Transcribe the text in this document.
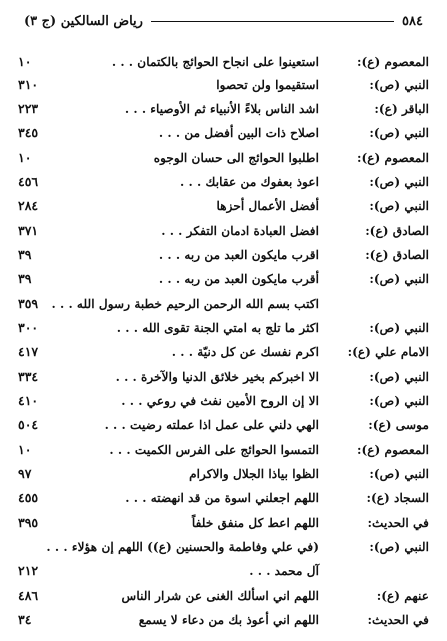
٥٨٤
رياض السالكين (ج ٣)
المعصوم (ع):
استعينوا على انجاح الحوائج بالكتمان . . .
١٠
النبي (ص):
استقيموا ولن تحصوا
٣١٠
الباقر (ع):
اشد الناس بلاءً الأنبياء ثم الأوصياء . . .
٢٢٣
النبي (ص):
اصلاح ذات البين أفضل من . . .
٣٤٥
المعصوم (ع):
اطلبوا الحوائج الى حسان الوجوه
١٠
النبي (ص):
اعوذ بعفوك من عقابك . . .
٤٥٦
النبي (ص):
أفضل الأعمال أحزها
٢٨٤
الصادق (ع):
افضل العبادة ادمان التفكر . . .
٣٧١
الصادق (ع):
اقرب مايكون العبد من ربه . . .
٣٩
النبي (ص):
أقرب مايكون العبد من ربه . . .
٣٩
اكتب بسم الله الرحمن الرحيم خطبة رسول الله . . .
٣٥٩
النبي (ص):
اكثر ما تلج به امتي الجنة تقوى الله . . .
٣٠٠
الامام علي (ع):
اكرم نفسك عن كل دنيّة . . .
٤١٧
النبي (ص):
الا اخبركم بخير خلائق الدنيا والآخرة . . .
٣٣٤
النبي (ص):
الا إن الروح الأمين نفث في روعي . . .
٤١٠
موسى (ع):
الهي دلني على عمل اذا عملته رضيت . . .
٥٠٤
المعصوم (ع):
التمسوا الحوائج على الفرس الكميت . . .
١٠
النبي (ص):
الظوا بياذا الجلال والاكرام
٩٧
السجاد (ع):
اللهم اجعلني اسوة من قد انهضته . . .
٤٥٥
في الحديث:
اللهم اعط كل منفق خلفاً
٣٩٥
النبي (ص):
(في علي وفاطمة والحسنين (ع)) اللهم إن هؤلاء . . .
آل محمد . . .
٢١٢
عنهم (ع):
اللهم اني اسألك الغنى عن شرار الناس
٤٨٦
في الحديث:
اللهم اني أعوذ بك من دعاء لا يسمع
٣٤
